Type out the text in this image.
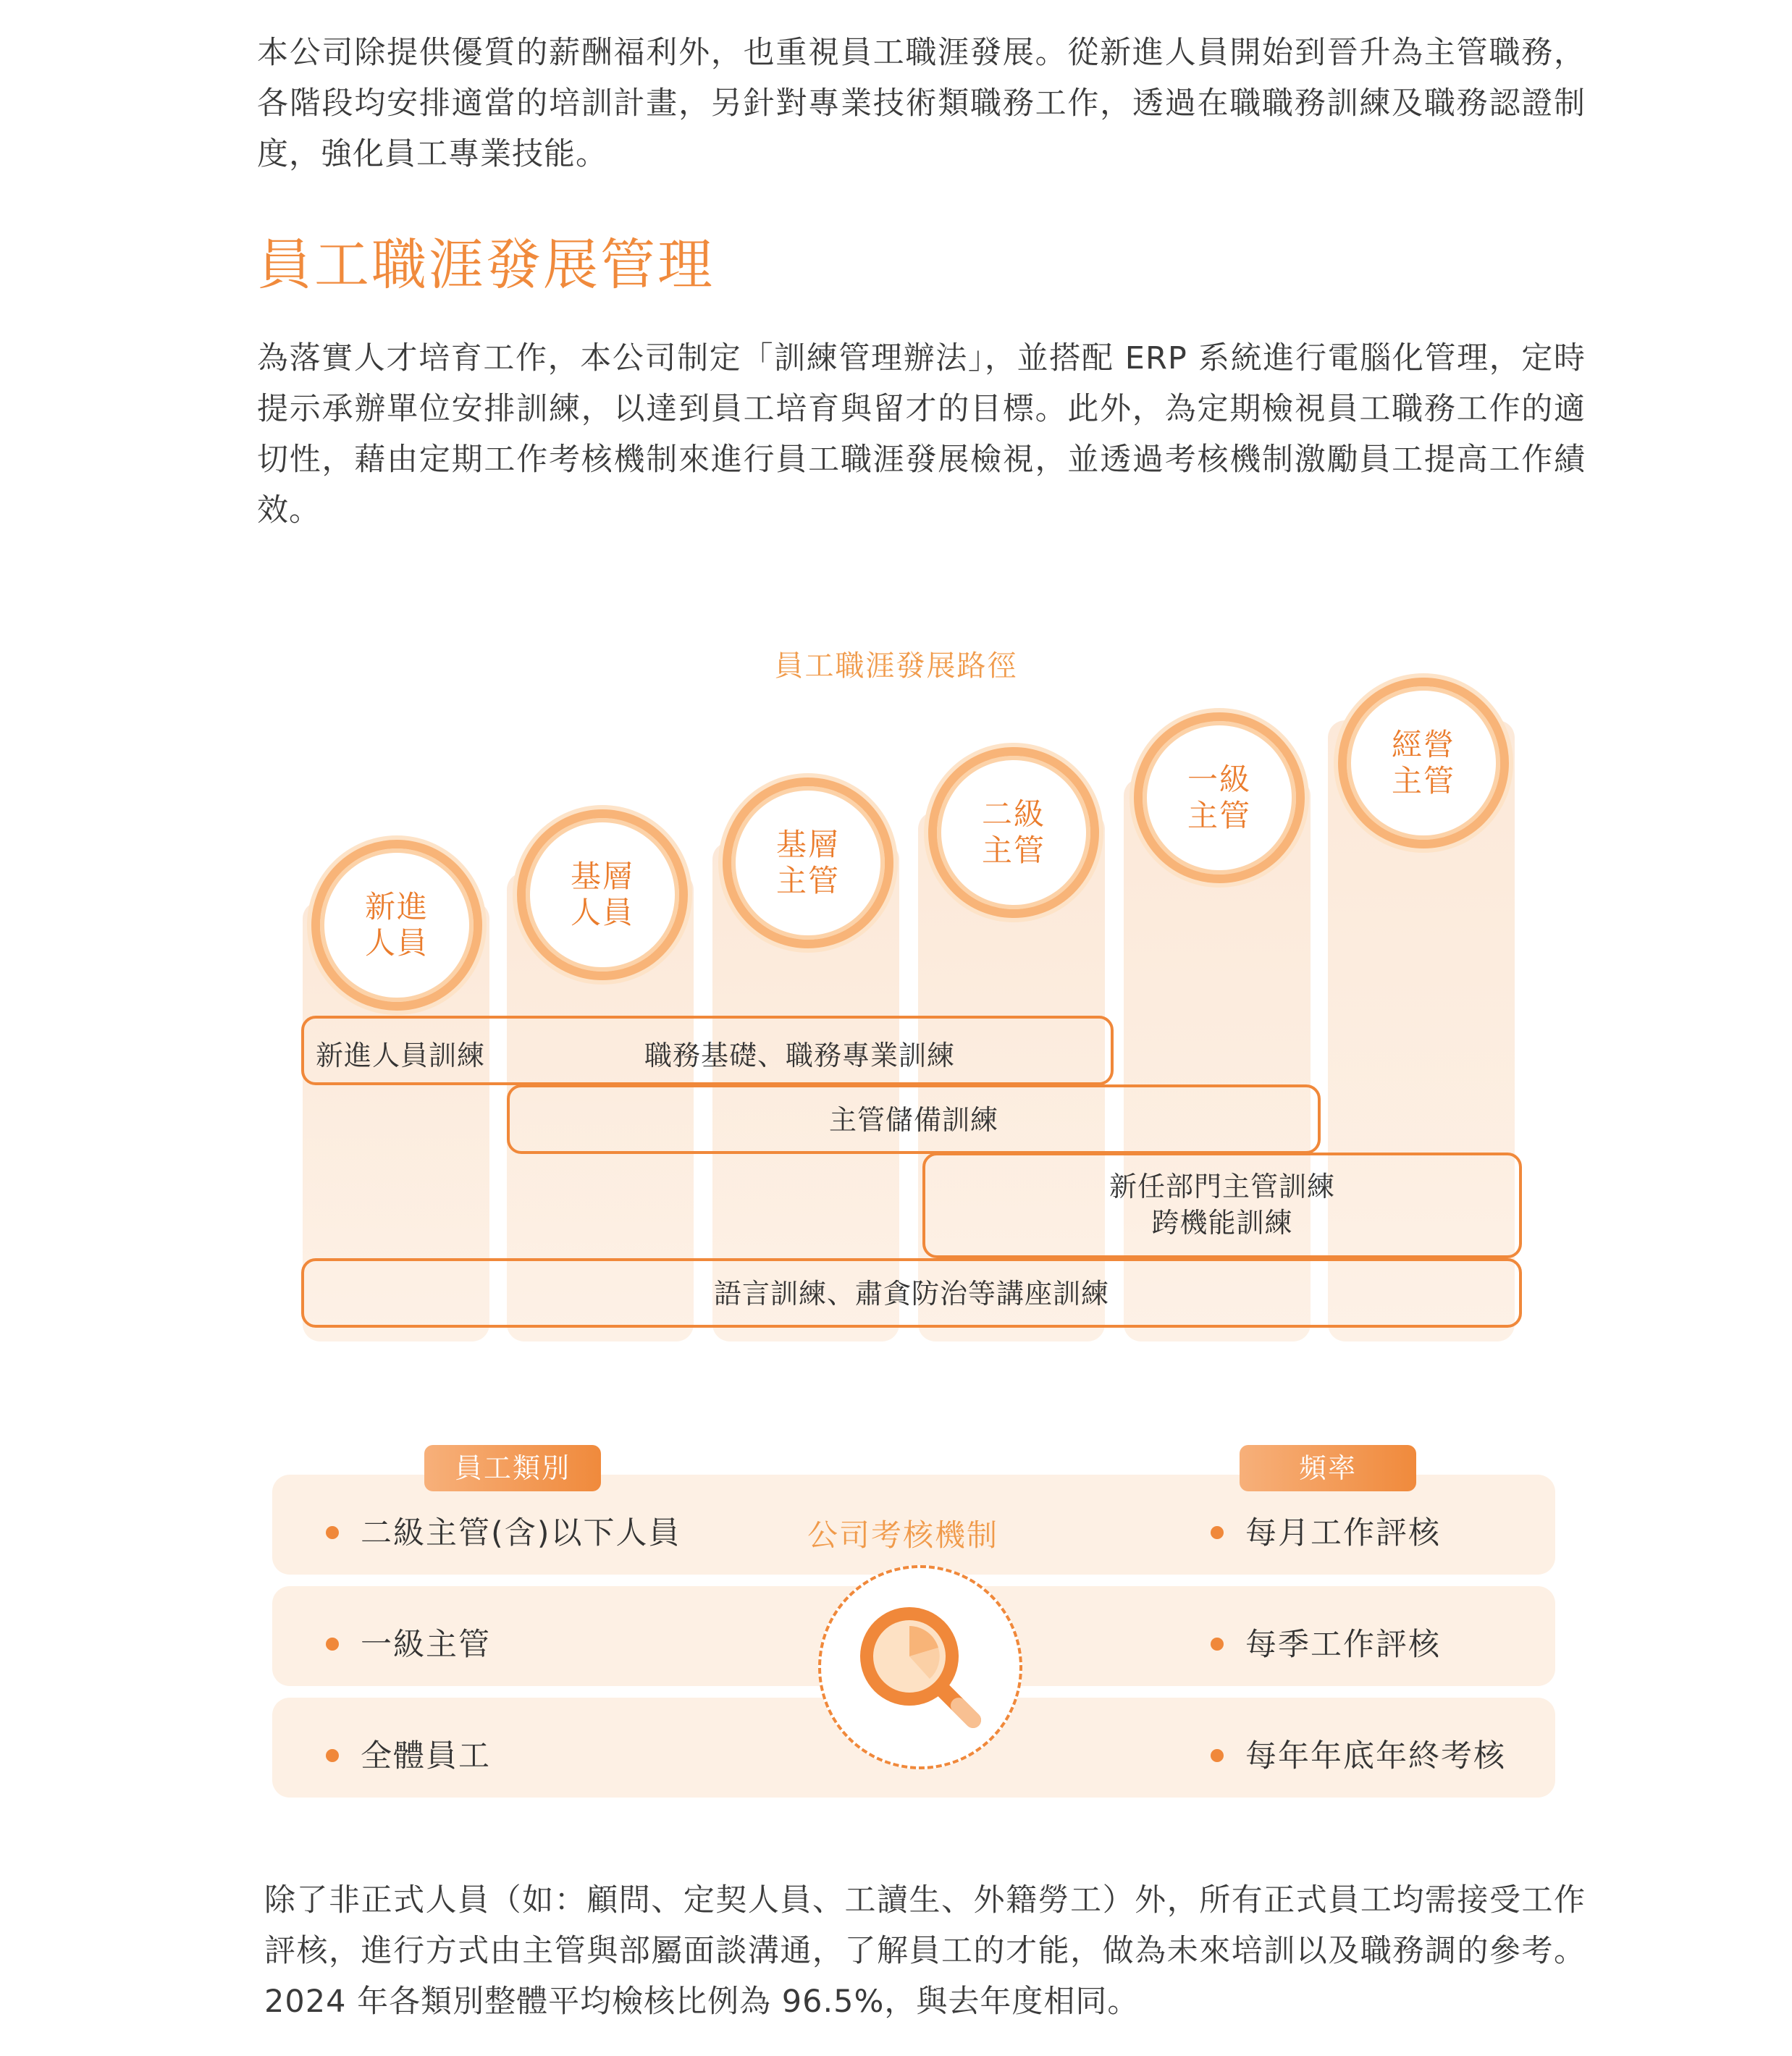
本公司除提供優質的薪酬福利外，也重視員工職涯發展。從新進人員開始到晉升為主管職務，各階段均安排適當的培訓計畫，另針對專業技術類職務工作，透過在職職務訓練及職務認證制度，強化員工專業技能。

員工職涯發展管理

為落實人才培育工作，本公司制定「訓練管理辦法」，並搭配 ERP 系統進行電腦化管理，定時提示承辦單位安排訓練，以達到員工培育與留才的目標。此外，為定期檢視員工職務工作的適切性，藉由定期工作考核機制來進行員工職涯發展檢視，並透過考核機制激勵員工提高工作績效。

員工職涯發展路徑
新進
人員
基層
人員
基層
主管
二級
主管
一級
主管
經營
主管
新進人員訓練	職務基礎、職務專業訓練
主管儲備訓練
新任部門主管訓練
跨機能訓練
語言訓練、肅貪防治等講座訓練
員工類別	頻率
公司考核機制
二級主管(含)以下人員
一級主管
全體員工
每月工作評核
每季工作評核
每年年底年終考核

除了非正式人員（如：顧問、定契人員、工讀生、外籍勞工）外，所有正式員工均需接受工作評核，進行方式由主管與部屬面談溝通，了解員工的才能，做為未來培訓以及職務調的參考。2024 年各類別整體平均檢核比例為 96.5%，與去年度相同。
